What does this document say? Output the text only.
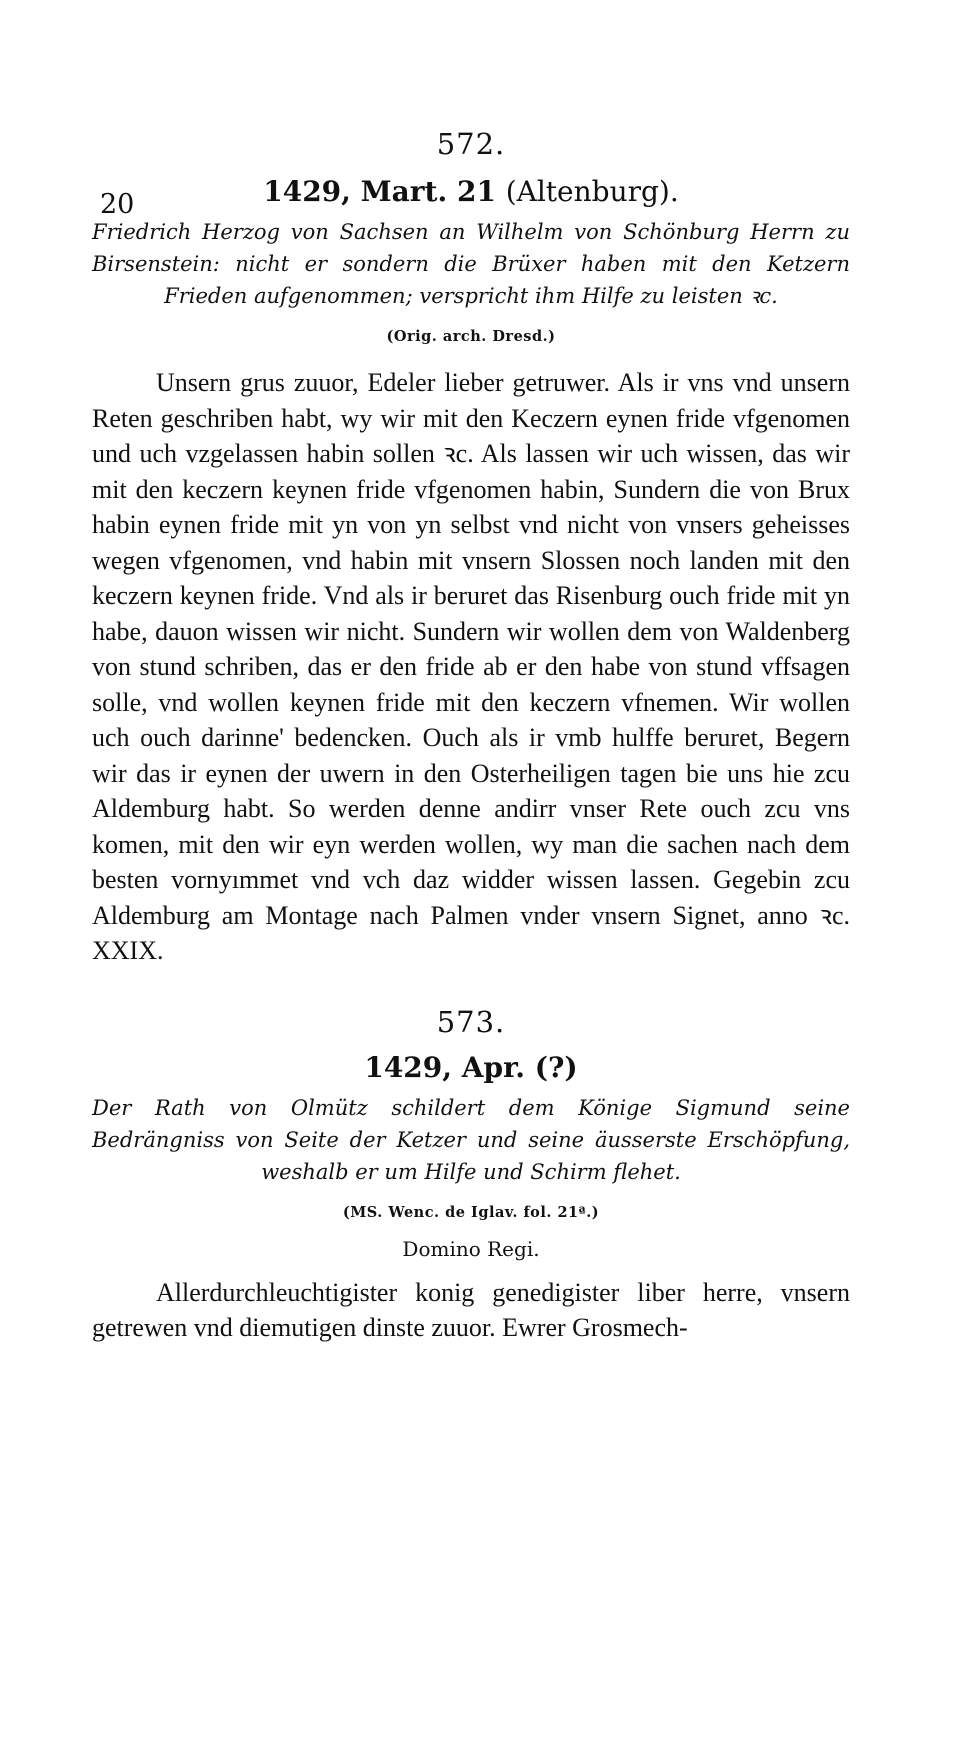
20
572.
1429, Mart. 21 (Altenburg).
Friedrich Herzog von Sachsen an Wilhelm von Schönburg Herrn zu Birsenstein: nicht er sondern die Brüxer haben mit den Ketzern Frieden aufgenommen; verspricht ihm Hilfe zu leisten ꝛc.
(Orig. arch. Dresd.)

Unsern grus zuuor, Edeler lieber getruwer. Als ir vns vnd unsern Reten geschriben habt, wy wir mit den Keczern eynen fride vfgenomen und uch vzgelassen habin sollen ꝛc. Als lassen wir uch wissen, das wir mit den keczern keynen fride vfgenomen habin, Sundern die von Brux habin eynen fride mit yn von yn selbst vnd nicht von vnsers geheisses wegen vfgenomen, vnd habin mit vnsern Slossen noch landen mit den keczern keynen fride. Vnd als ir beruret das Risenburg ouch fride mit yn habe, dauon wissen wir nicht. Sundern wir wollen dem von Waldenberg von stund schriben, das er den fride ab er den habe von stund vffsagen solle, vnd wollen keynen fride mit den keczern vfnemen. Wir wollen uch ouch darinne' bedencken. Ouch als ir vmb hulffe beruret, Begern wir das ir eynen der uwern in den Osterheiligen tagen bie uns hie zcu Aldemburg habt. So werden denne andirr vnser Rete ouch zcu vns komen, mit den wir eyn werden wollen, wy man die sachen nach dem besten vornyımmet vnd vch daz widder wissen lassen. Gegebin zcu Aldemburg am Montage nach Palmen vnder vnsern Signet, anno ꝛc. XXIX.

573.
1429, Apr. (?)
Der Rath von Olmütz schildert dem Könige Sigmund seine Bedrängniss von Seite der Ketzer und seine äusserste Erschöpfung, weshalb er um Hilfe und Schirm flehet.
(MS. Wenc. de Iglav. fol. 21ª.)
Domino Regi.

Allerdurchleuchtigister konig genedigister liber herre, vnsern getrewen vnd diemutigen dinste zuuor. Ewrer Grosmech-
